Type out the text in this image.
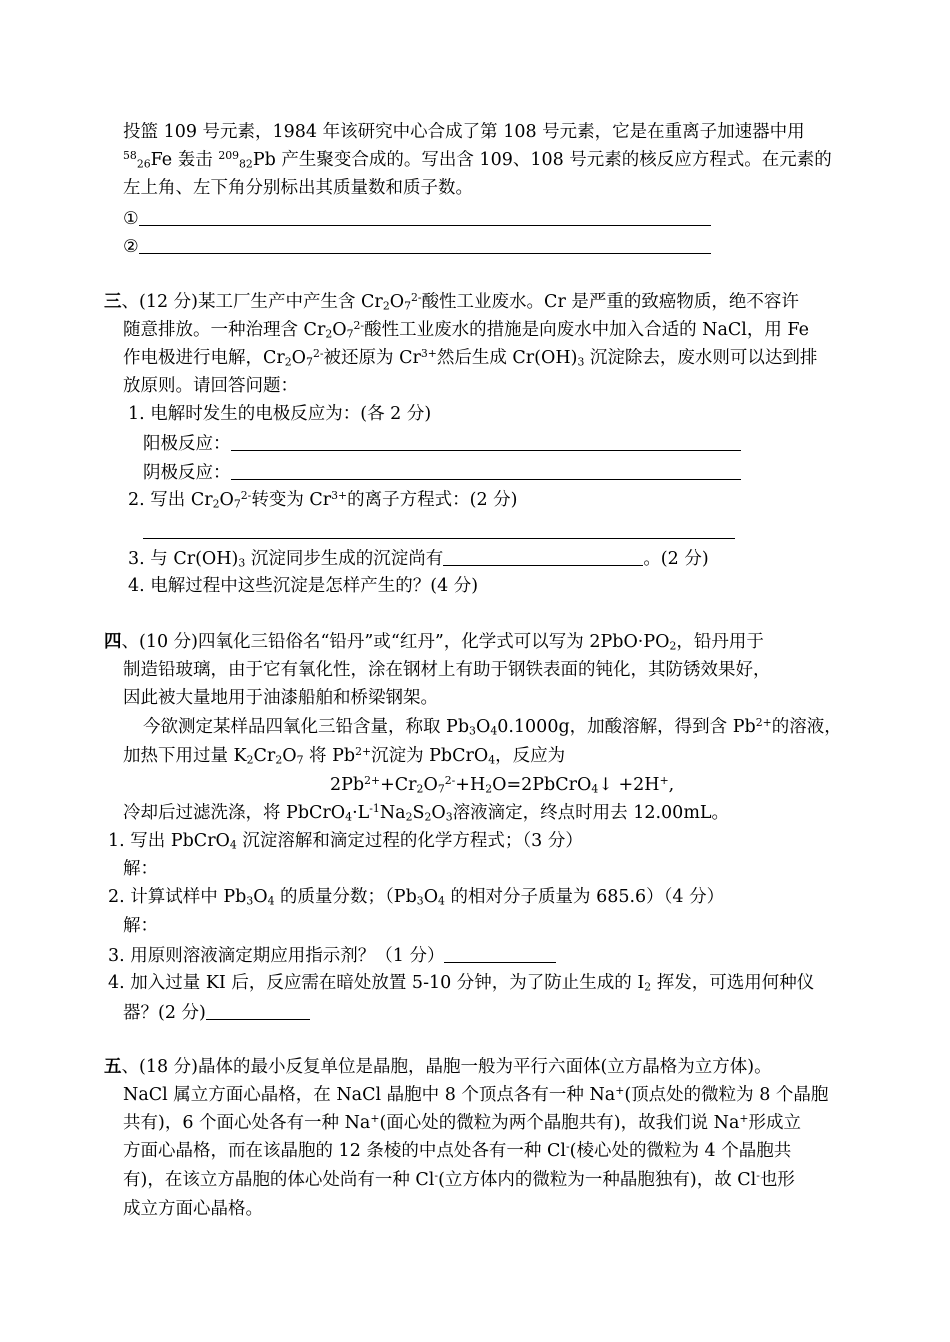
投篮 109 号元素，1984 年该研究中心合成了第 108 号元素，它是在重离子加速器中用
$^{58}_{26}$Fe 轰击 $^{209}_{82}$Pb 产生聚变合成的。写出含 109、108 号元素的核反应方程式。在元素的
左上角、左下角分别标出其质量数和质子数。
①
②
三、(12 分)某工厂生产中产生含 $Cr_2O_7^{2-}$酸性工业废水。Cr 是严重的致癌物质，绝不容许
随意排放。一种治理含 $Cr_2O_7^{2-}$酸性工业废水的措施是向废水中加入合适的 NaCl，用 Fe
作电极进行电解，$Cr_2O_7^{2-}$被还原为 $Cr^{3+}$然后生成 $Cr(OH)_3$ 沉淀除去，废水则可以达到排
放原则。请回答问题：
1. 电解时发生的电极反应为：(各 2 分)
阳极反应：
阴极反应：
2. 写出 $Cr_2O_7^{2-}$转变为 $Cr^{3+}$的离子方程式：(2 分)
3. 与 $Cr(OH)_3$ 沉淀同步生成的沉淀尚有	。(2 分)
4. 电解过程中这些沉淀是怎样产生的？(4 分)
四、(10 分)四氧化三铅俗名“铅丹”或“红丹”，化学式可以写为 $2PbO\cdot PO_2$，铅丹用于
制造铅玻璃，由于它有氧化性，涂在钢材上有助于钢铁表面的钝化，其防锈效果好，
因此被大量地用于油漆船舶和桥梁钢架。
今欲测定某样品四氧化三铅含量，称取 $Pb_3O_40.1000g$，加酸溶解，得到含 $Pb^{2+}$的溶液，
加热下用过量 $K_2Cr_2O_7$ 将 $Pb^{2+}$沉淀为 PbCrO$_4$，反应为
$2Pb^{2+}+Cr_2O_7^{2-}+H_2O=2PbCrO_4↓ +2H^+$,
冷却后过滤洗涤，将 $PbCrO_4\cdot L^{-1}Na_2S_2O_3$溶液滴定，终点时用去 12.00mL。
1. 写出 PbCrO$_4$ 沉淀溶解和滴定过程的化学方程式；（3 分）
解：
2. 计算试样中 $Pb_3O_4$ 的质量分数；（$Pb_3O_4$ 的相对分子质量为 685.6）（4 分）
解：
3. 用原则溶液滴定期应用指示剂？（1 分）
4. 加入过量 KI 后，反应需在暗处放置 5-10 分钟，为了防止生成的 $I_2$ 挥发，可选用何种仪
器？(2 分)
五、(18 分)晶体的最小反复单位是晶胞，晶胞一般为平行六面体(立方晶格为立方体)。
NaCl 属立方面心晶格，在 NaCl 晶胞中 8 个顶点各有一种 Na+(顶点处的微粒为 8 个晶胞
共有)，6 个面心处各有一种 Na+(面心处的微粒为两个晶胞共有)，故我们说 Na+形成立
方面心晶格，而在该晶胞的 12 条棱的中点处各有一种 Cl-(棱心处的微粒为 4 个晶胞共
有)，在该立方晶胞的体心处尚有一种 Cl-(立方体内的微粒为一种晶胞独有)，故 Cl-也形
成立方面心晶格。
